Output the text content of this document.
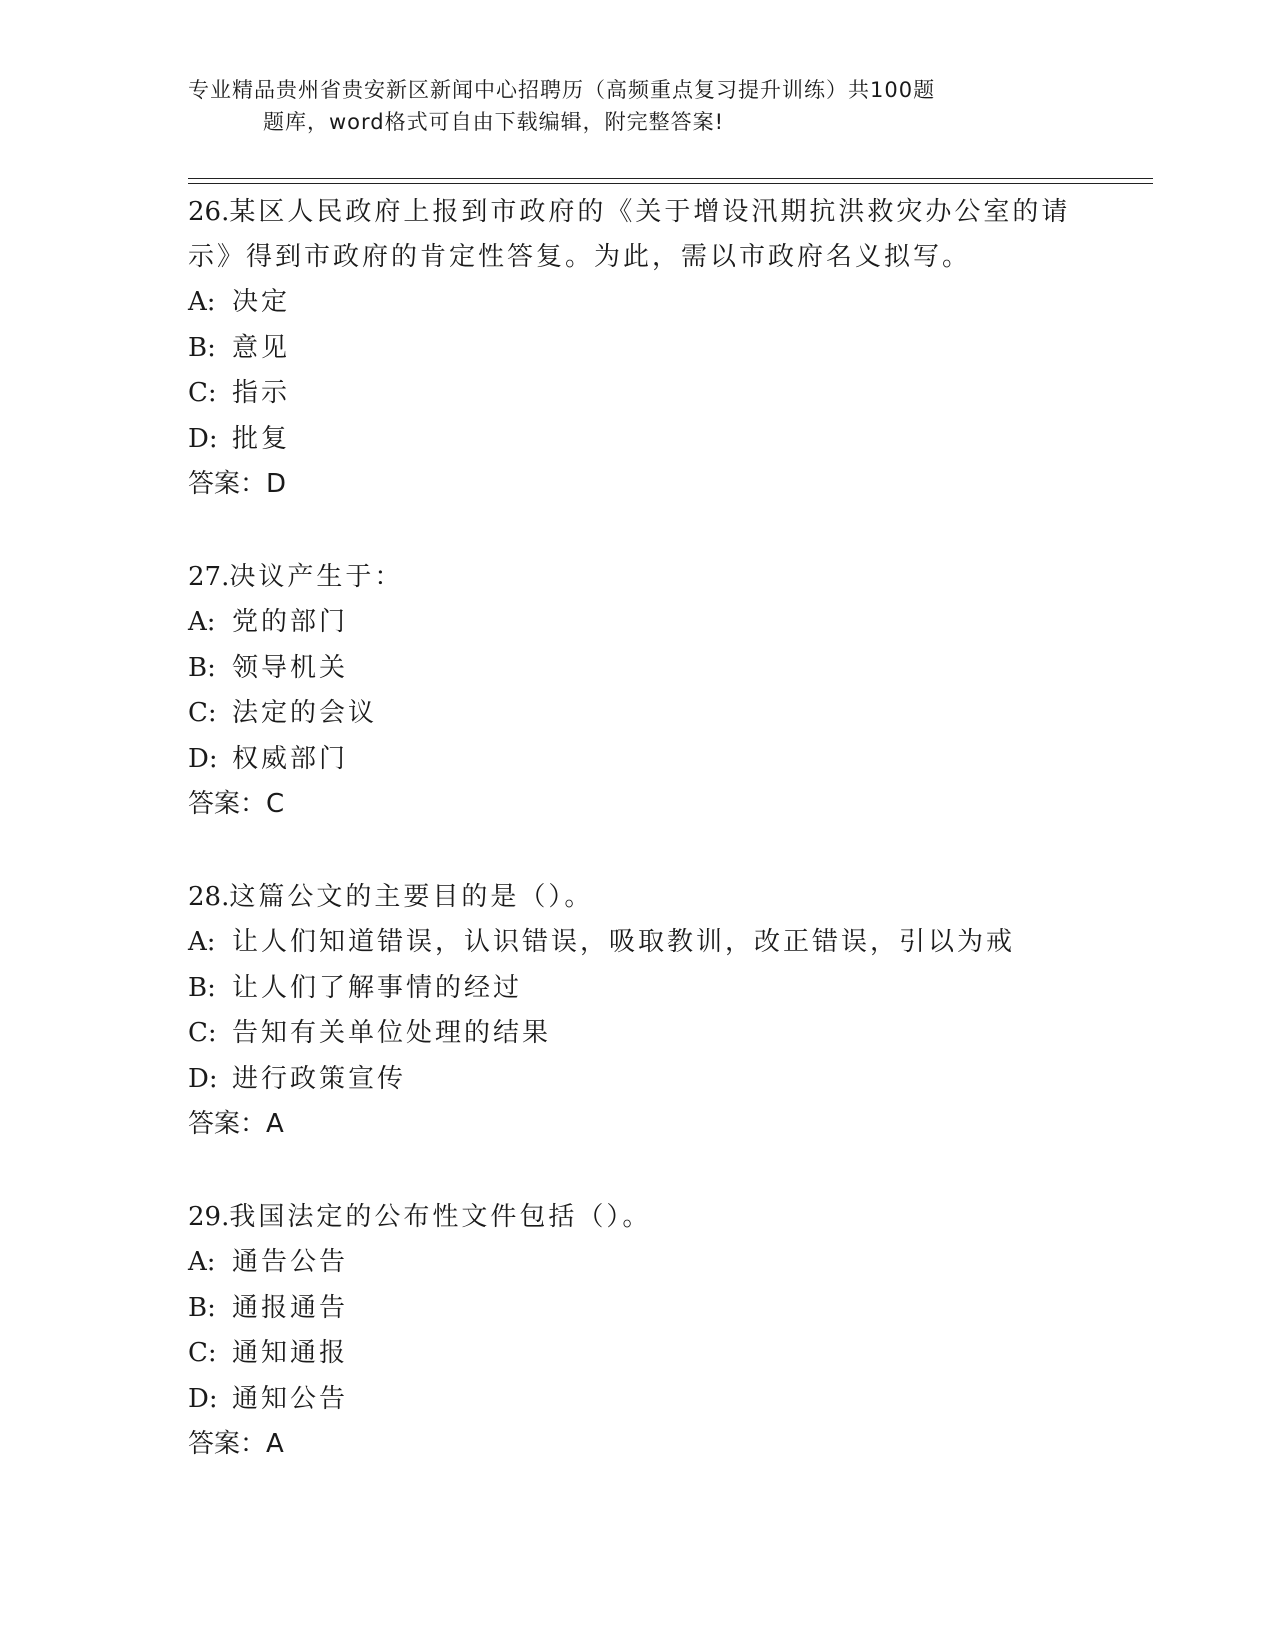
专业精品贵州省贵安新区新闻中心招聘历（高频重点复习提升训练）共100题
题库，word格式可自由下载编辑，附完整答案!

26.某区人民政府上报到市政府的《关于增设汛期抗洪救灾办公室的请

示》得到市政府的肯定性答复。为此，需以市政府名义拟写。

A: 决定

B: 意见

C: 指示

D: 批复

答案：D

27.决议产生于：

A: 党的部门

B: 领导机关

C: 法定的会议

D: 权威部门

答案：C

28.这篇公文的主要目的是（）。

A: 让人们知道错误，认识错误，吸取教训，改正错误，引以为戒

B: 让人们了解事情的经过

C: 告知有关单位处理的结果

D: 进行政策宣传

答案：A

29.我国法定的公布性文件包括（）。

A: 通告公告

B: 通报通告

C: 通知通报

D: 通知公告

答案：A
